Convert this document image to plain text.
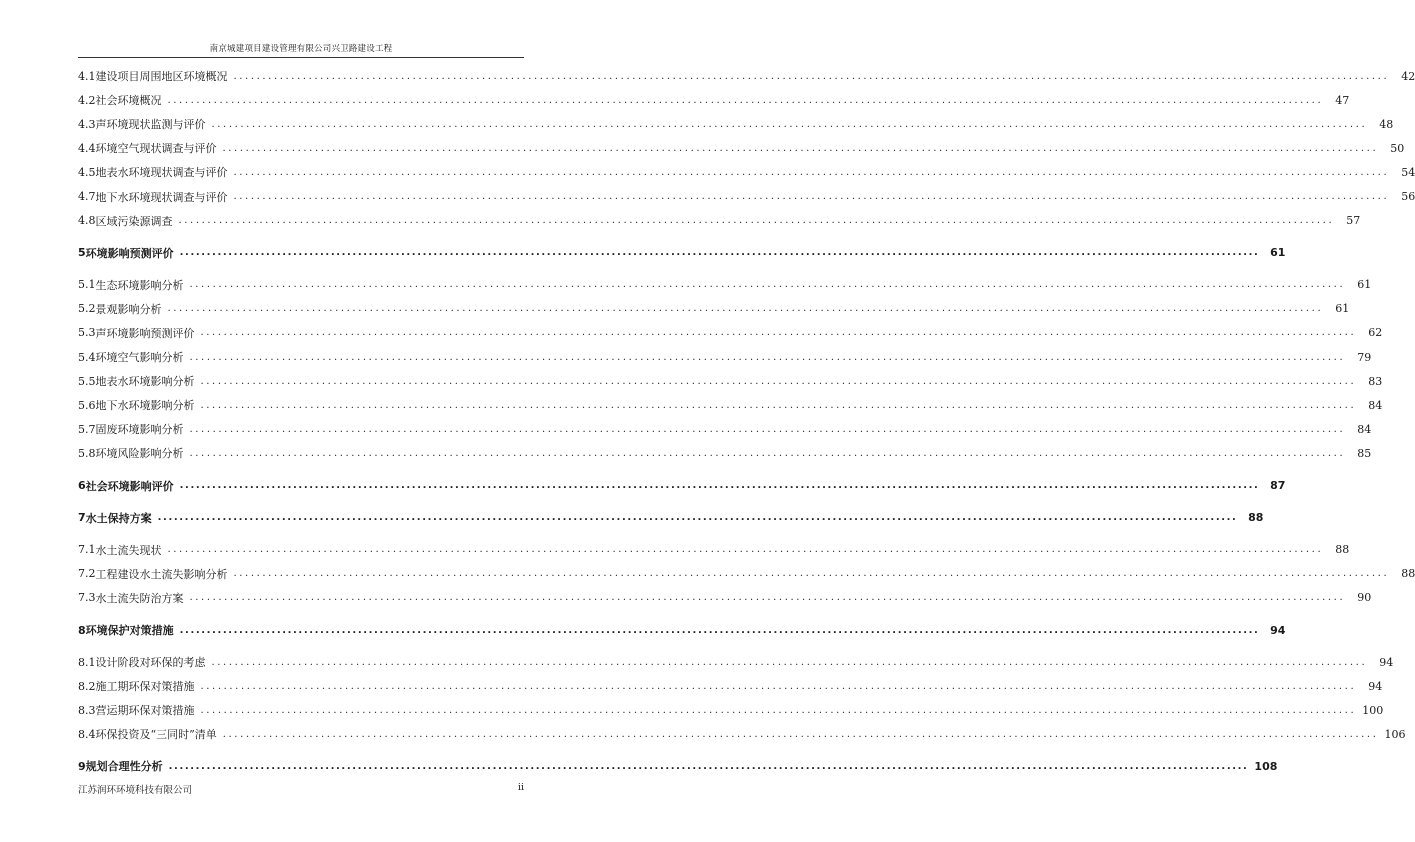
南京城建项目建设管理有限公司兴卫路建设工程
4.1 建设项目周围地区环境概况 ........................................................................................................................................................................................................	42
4.2 社会环境概况 ........................................................................................................................................................................................................	47
4.3 声环境现状监测与评价 ........................................................................................................................................................................................................	48
4.4 环境空气现状调查与评价 ........................................................................................................................................................................................................	50
4.5 地表水环境现状调查与评价 ........................................................................................................................................................................................................	54
4.7 地下水环境现状调查与评价 ........................................................................................................................................................................................................	56
4.8 区域污染源调查 ........................................................................................................................................................................................................	57
5 环境影响预测评价 ........................................................................................................................................................................................................ 61
5.1 生态环境影响分析 ........................................................................................................................................................................................................	61
5.2 景观影响分析 ........................................................................................................................................................................................................	61
5.3 声环境影响预测评价 ........................................................................................................................................................................................................	62
5.4 环境空气影响分析 ........................................................................................................................................................................................................	79
5.5 地表水环境影响分析 ........................................................................................................................................................................................................	83
5.6 地下水环境影响分析 ........................................................................................................................................................................................................	84
5.7 固废环境影响分析 ........................................................................................................................................................................................................	84
5.8 环境风险影响分析 ........................................................................................................................................................................................................	85
6 社会环境影响评价 ........................................................................................................................................................................................................ 87
7 水土保持方案 ........................................................................................................................................................................................................ 88
7.1 水土流失现状 ........................................................................................................................................................................................................	88
7.2 工程建设水土流失影响分析 ........................................................................................................................................................................................................	88
7.3 水土流失防治方案 ........................................................................................................................................................................................................	90
8 环境保护对策措施 ........................................................................................................................................................................................................ 94
8.1 设计阶段对环保的考虑 ........................................................................................................................................................................................................	94
8.2 施工期环保对策措施 ........................................................................................................................................................................................................	94
8.3 营运期环保对策措施 ........................................................................................................................................................................................................ 100
8.4 环保投资及“三同时”清单 ........................................................................................................................................................................................................ 106
9 规划合理性分析 ........................................................................................................................................................................................................ 108
江苏润环环境科技有限公司	ii
